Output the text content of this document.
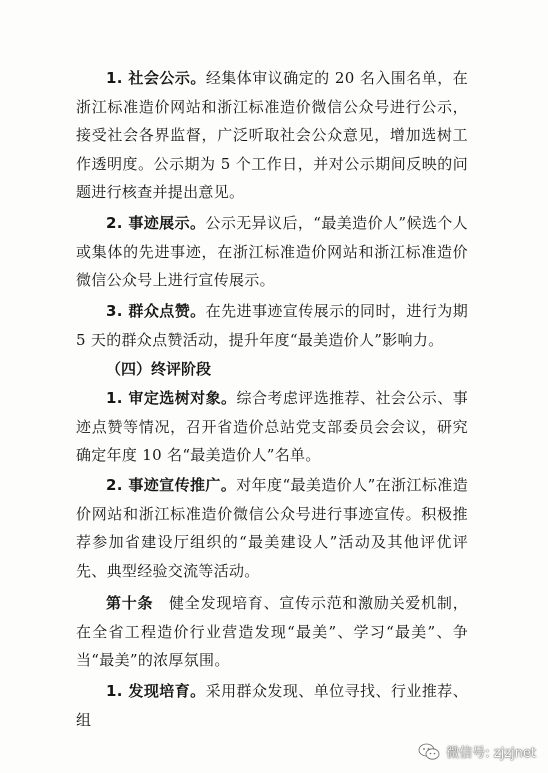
1. 社会公示。经集体审议确定的 20 名入围名单，在浙江标准造价网站和浙江标准造价微信公众号进行公示，接受社会各界监督，广泛听取社会公众意见，增加选树工作透明度。公示期为 5 个工作日，并对公示期间反映的问题进行核查并提出意见。
2. 事迹展示。公示无异议后，“最美造价人”候选个人或集体的先进事迹，在浙江标准造价网站和浙江标准造价微信公众号上进行宣传展示。
3. 群众点赞。在先进事迹宣传展示的同时，进行为期 5 天的群众点赞活动，提升年度“最美造价人”影响力。
（四）终评阶段
1. 审定选树对象。综合考虑评选推荐、社会公示、事迹点赞等情况，召开省造价总站党支部委员会会议，研究确定年度 10 名“最美造价人”名单。
2. 事迹宣传推广。对年度“最美造价人”在浙江标准造价网站和浙江标准造价微信公众号进行事迹宣传。积极推荐参加省建设厅组织的“最美建设人”活动及其他评优评先、典型经验交流等活动。
第十条　 健全发现培育、宣传示范和激励关爱机制，在全省工程造价行业营造发现“最美”、学习“最美”、争当“最美”的浓厚氛围。
1. 发现培育。采用群众发现、单位寻找、行业推荐、组
微信号: zjzjnet
